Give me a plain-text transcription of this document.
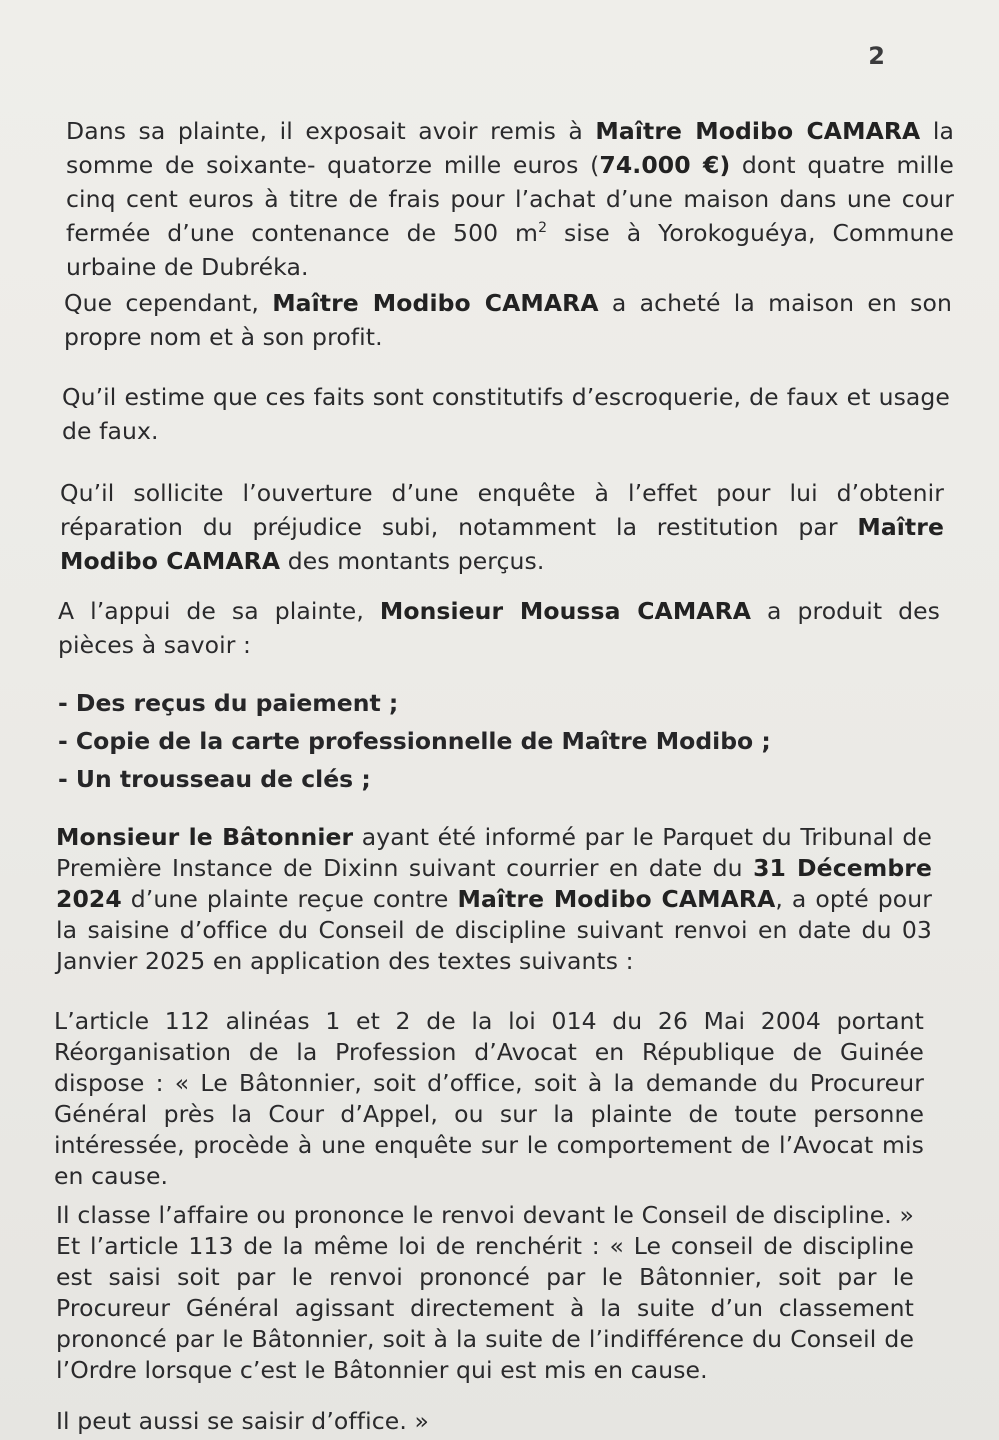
2

Dans sa plainte, il exposait avoir remis à Maître Modibo CAMARA la somme de soixante- quatorze mille euros (74.000 €) dont quatre mille cinq cent euros à titre de frais pour l’achat d’une maison dans une cour fermée d’une contenance de 500 $m^2$ sise à Yorokoguéya, Commune urbaine de Dubréka.

Que cependant, Maître Modibo CAMARA a acheté la maison en son propre nom et à son profit.

Qu’il estime que ces faits sont constitutifs d’escroquerie, de faux et usage de faux.

Qu’il sollicite l’ouverture d’une enquête à l’effet pour lui d’obtenir réparation du préjudice subi, notamment la restitution par Maître Modibo CAMARA des montants perçus.

A l’appui de sa plainte, Monsieur Moussa CAMARA a produit des pièces à savoir :

- Des reçus du paiement ;
- Copie de la carte professionnelle de Maître Modibo ;
- Un trousseau de clés ;

Monsieur le Bâtonnier ayant été informé par le Parquet du Tribunal de Première Instance de Dixinn suivant courrier en date du 31 Décembre 2024 d’une plainte reçue contre Maître Modibo CAMARA, a opté pour la saisine d’office du Conseil de discipline suivant renvoi en date du 03 Janvier 2025 en application des textes suivants :

L’article 112 alinéas 1 et 2 de la loi 014 du 26 Mai 2004 portant Réorganisation de la Profession d’Avocat en République de Guinée dispose : « Le Bâtonnier, soit d’office, soit à la demande du Procureur Général près la Cour d’Appel, ou sur la plainte de toute personne intéressée, procède à une enquête sur le comportement de l’Avocat mis en cause.

Il classe l’affaire ou prononce le renvoi devant le Conseil de discipline. » Et l’article 113 de la même loi de renchérit : « Le conseil de discipline est saisi soit par le renvoi prononcé par le Bâtonnier, soit par le Procureur Général agissant directement à la suite d’un classement prononcé par le Bâtonnier, soit à la suite de l’indifférence du Conseil de l’Ordre lorsque c’est le Bâtonnier qui est mis en cause.

Il peut aussi se saisir d’office. »
